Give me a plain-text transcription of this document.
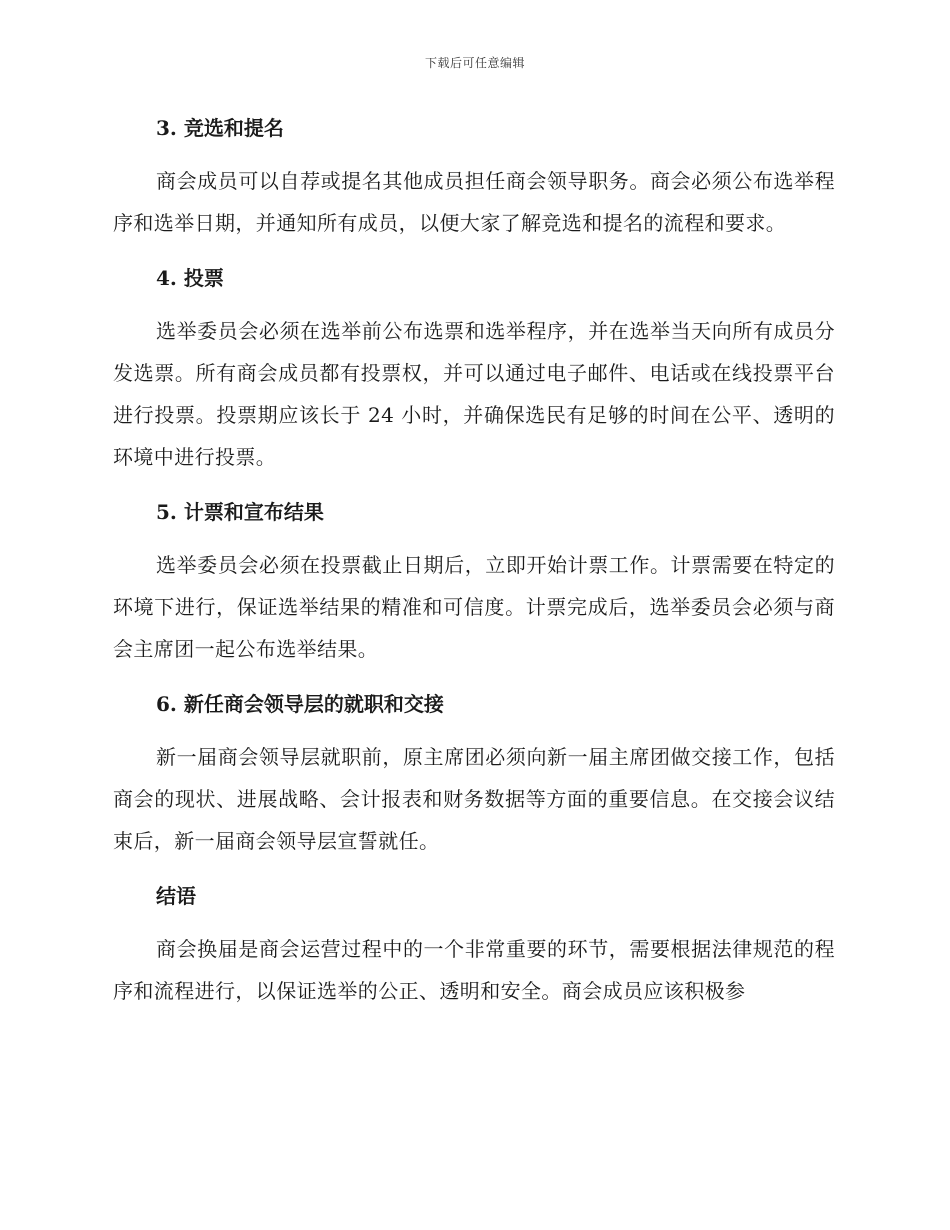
下载后可任意编辑
3. 竞选和提名

商会成员可以自荐或提名其他成员担任商会领导职务。商会必须公布选举程序和选举日期，并通知所有成员，以便大家了解竞选和提名的流程和要求。

4. 投票

选举委员会必须在选举前公布选票和选举程序，并在选举当天向所有成员分发选票。所有商会成员都有投票权，并可以通过电子邮件、电话或在线投票平台进行投票。投票期应该长于 24 小时，并确保选民有足够的时间在公平、透明的环境中进行投票。

5. 计票和宣布结果

选举委员会必须在投票截止日期后，立即开始计票工作。计票需要在特定的环境下进行，保证选举结果的精准和可信度。计票完成后，选举委员会必须与商会主席团一起公布选举结果。

6. 新任商会领导层的就职和交接

新一届商会领导层就职前，原主席团必须向新一届主席团做交接工作，包括商会的现状、进展战略、会计报表和财务数据等方面的重要信息。在交接会议结束后，新一届商会领导层宣誓就任。

结语

商会换届是商会运营过程中的一个非常重要的环节，需要根据法律规范的程序和流程进行，以保证选举的公正、透明和安全。商会成员应该积极参
